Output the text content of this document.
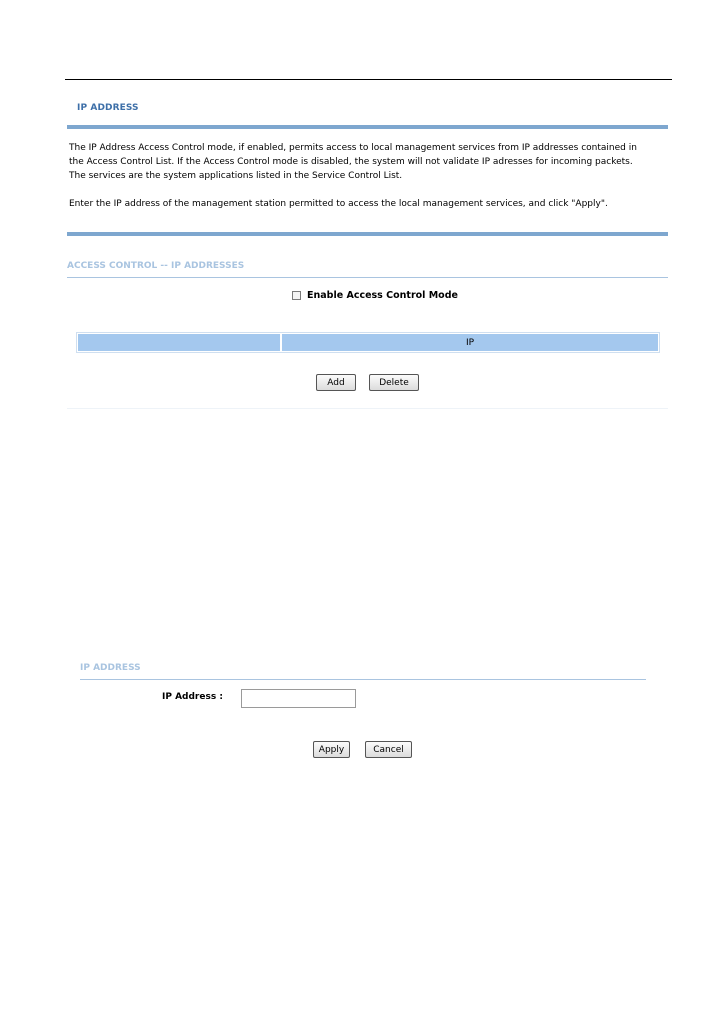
IP ADDRESS

The IP Address Access Control mode, if enabled, permits access to local management services from IP addresses contained in

the Access Control List. If the Access Control mode is disabled, the system will not validate IP adresses for incoming packets.

The services are the system applications listed in the Service Control List.

Enter the IP address of the management station permitted to access the local management services, and click "Apply".

ACCESS CONTROL -- IP ADDRESSES
Enable Access Control Mode
IP
Add	Delete
IP ADDRESS
IP Address :
Apply	Cancel
